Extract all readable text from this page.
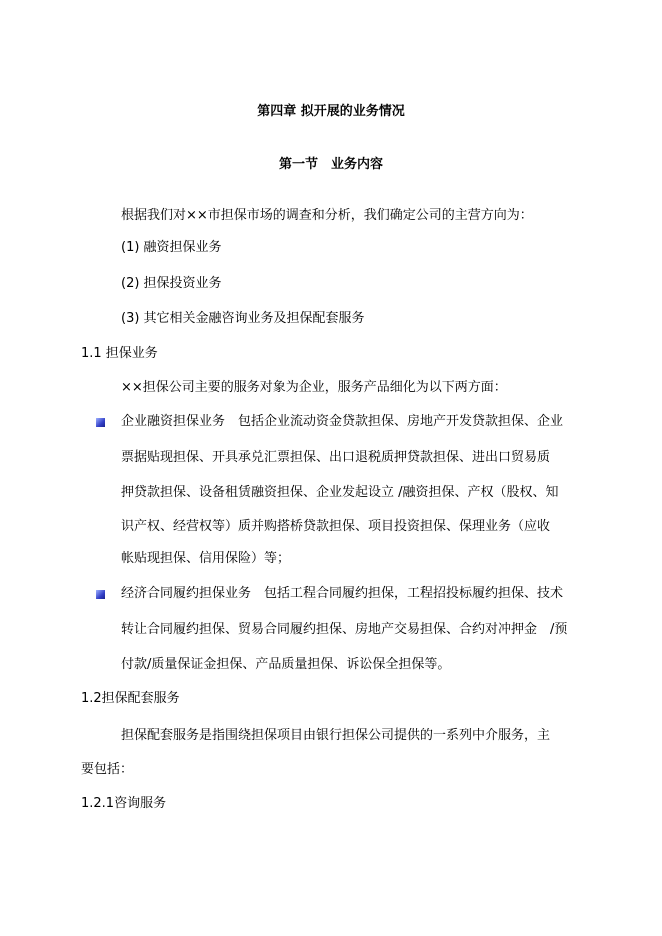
第四章 拟开展的业务情况
第一节　业务内容
根据我们对××市担保市场的调查和分析，我们确定公司的主营方向为：
(1) 融资担保业务
(2) 担保投资业务
(3) 其它相关金融咨询业务及担保配套服务
1.1 担保业务
××担保公司主要的服务对象为企业，服务产品细化为以下两方面：
企业融资担保业务　包括企业流动资金贷款担保、房地产开发贷款担保、企业
票据贴现担保、开具承兑汇票担保、出口退税质押贷款担保、进出口贸易质
押贷款担保、设备租赁融资担保、企业发起设立 /融资担保、产权（股权、知
识产权、经营权等）质并购搭桥贷款担保、项目投资担保、保理业务（应收
帐贴现担保、信用保险）等；
经济合同履约担保业务　包括工程合同履约担保，工程招投标履约担保、技术
转让合同履约担保、贸易合同履约担保、房地产交易担保、合约对冲押金　/预
付款/质量保证金担保、产品质量担保、诉讼保全担保等。
1.2担保配套服务
担保配套服务是指围绕担保项目由银行担保公司提供的一系列中介服务，主
要包括：
1.2.1咨询服务
